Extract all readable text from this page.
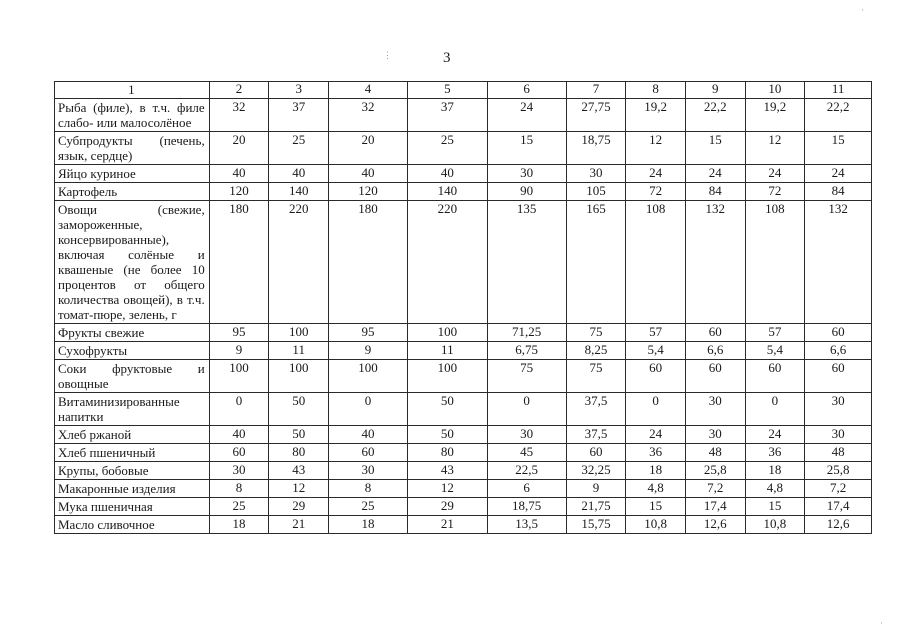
3
⋮
·
·
1	2	3	4	5	6	7	8	9	10	11
Рыба (филе), в т.ч. филе слабо- или малосолёное	32	37	32	37	24	27,75	19,2	22,2	19,2	22,2
Субпродукты (печень, язык, сердце)	20	25	20	25	15	18,75	12	15	12	15
Яйцо куриное	40	40	40	40	30	30	24	24	24	24
Картофель	120	140	120	140	90	105	72	84	72	84
Овощи (свежие, замороженные, консервированные), включая солёные и квашеные (не более 10 процентов от общего количества овощей), в т.ч. томат-пюре, зелень, г	180	220	180	220	135	165	108	132	108	132
Фрукты свежие	95	100	95	100	71,25	75	57	60	57	60
Сухофрукты	9	11	9	11	6,75	8,25	5,4	6,6	5,4	6,6
Соки фруктовые и овощные	100	100	100	100	75	75	60	60	60	60
Витаминизированные напитки	0	50	0	50	0	37,5	0	30	0	30
Хлеб ржаной	40	50	40	50	30	37,5	24	30	24	30
Хлеб пшеничный	60	80	60	80	45	60	36	48	36	48
Крупы, бобовые	30	43	30	43	22,5	32,25	18	25,8	18	25,8
Макаронные изделия	8	12	8	12	6	9	4,8	7,2	4,8	7,2
Мука пшеничная	25	29	25	29	18,75	21,75	15	17,4	15	17,4
Масло сливочное	18	21	18	21	13,5	15,75	10,8	12,6	10,8	12,6
